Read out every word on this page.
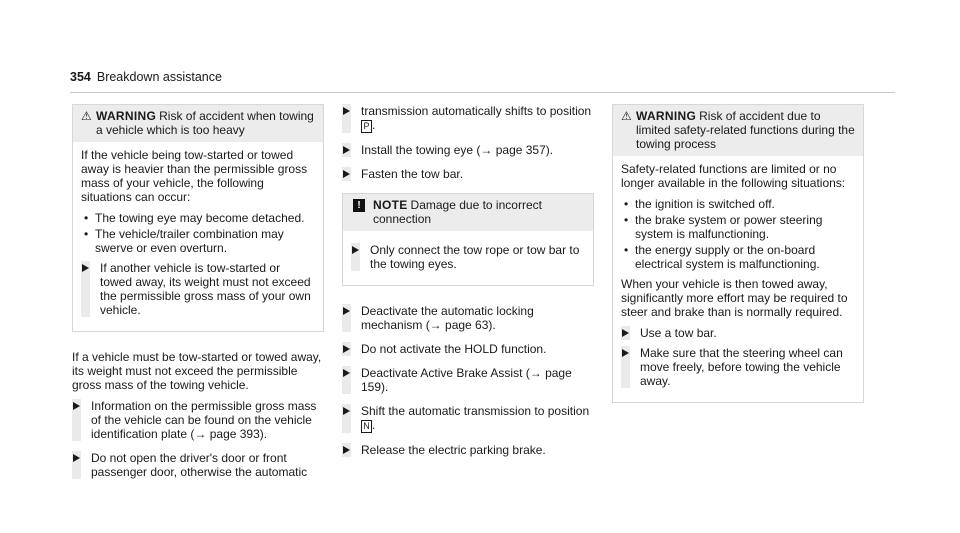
354 Breakdown assistance
⚠ WARNING Risk of accident when towing a vehicle which is too heavy

If the vehicle being tow-started or towed away is heavier than the permissible gross mass of your vehicle, the following situations can occur:

• The towing eye may become detached.
• The vehicle/trailer combination may swerve or even overturn.
If another vehicle is tow-started or towed away, its weight must not exceed the permissible gross mass of your own vehicle.

If a vehicle must be tow-started or towed away, its weight must not exceed the permissible gross mass of the towing vehicle.

Information on the permissible gross mass of the vehicle can be found on the vehicle identification plate (→ page 393).
Do not open the driver's door or front passenger door, otherwise the automatic
transmission automatically shifts to position
P .
Install the towing eye (→ page 357).
Fasten the tow bar.
!	NOTE Damage due to incorrect connection
Only connect the tow rope or tow bar to the towing eyes.
Deactivate the automatic locking mechanism (→ page 63).
Do not activate the HOLD function.
Deactivate Active Brake Assist (→ page 159).
Shift the automatic transmission to position
N .
Release the electric parking brake.
⚠ WARNING Risk of accident due to limited safety-related functions during the towing process

Safety-related functions are limited or no longer available in the following situations:

• the ignition is switched off.
• the brake system or power steering system is malfunctioning.
• the energy supply or the on-board electrical system is malfunctioning.

When your vehicle is then towed away, significantly more effort may be required to steer and brake than is normally required.

Use a tow bar.
Make sure that the steering wheel can move freely, before towing the vehicle away.
